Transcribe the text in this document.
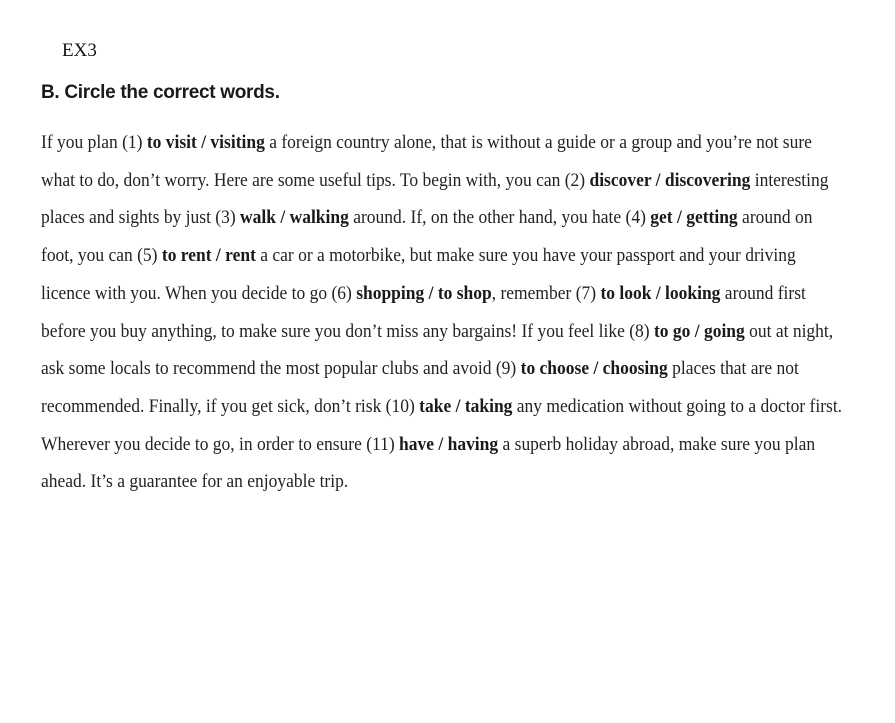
EX3
B. Circle the correct words.
If you plan (1) to visit / visiting a foreign country alone, that is without a guide or a group and you’re not sure
what to do, don’t worry. Here are some useful tips. To begin with, you can (2) discover / discovering interesting
places and sights by just (3) walk / walking around. If, on the other hand, you hate (4) get / getting around on
foot, you can (5) to rent / rent a car or a motorbike, but make sure you have your passport and your driving
licence with you. When you decide to go (6) shopping / to shop, remember (7) to look / looking around first
before you buy anything, to make sure you don’t miss any bargains! If you feel like (8) to go / going out at night,
ask some locals to recommend the most popular clubs and avoid (9) to choose / choosing places that are not
recommended. Finally, if you get sick, don’t risk (10) take / taking any medication without going to a doctor first.
Wherever you decide to go, in order to ensure (11) have / having a superb holiday abroad, make sure you plan
ahead. It’s a guarantee for an enjoyable trip.
